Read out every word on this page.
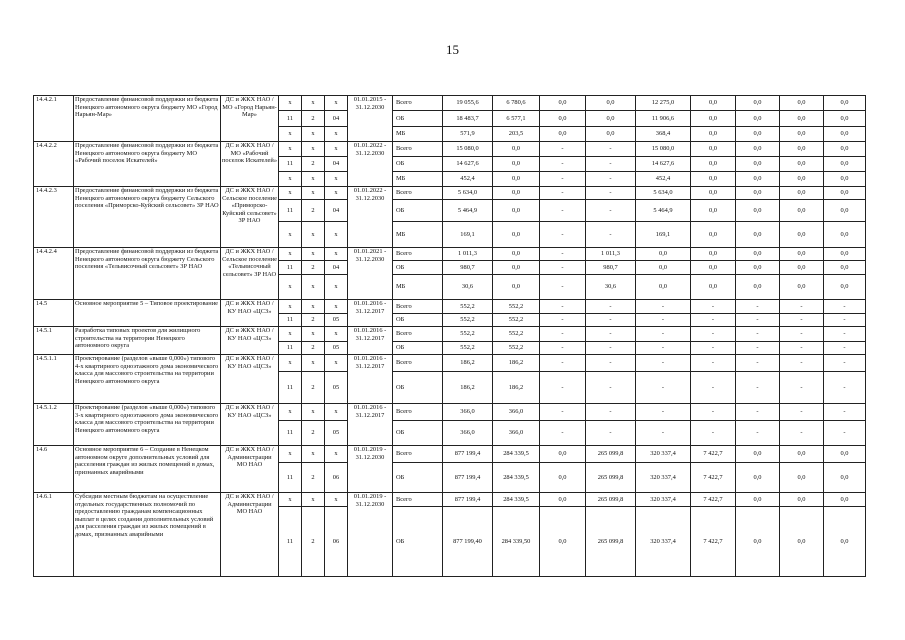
15
14.4.2.1	Предоставление финансовой поддержки из бюджета Ненецкого автономного округа бюджету МО «Город Нарьян-Мар»	ДС и ЖКХ НАО / МО «Город Нарьян-Мар»	x	x	x	01.01.2015 - 31.12.2030	Всего	19 055,6	6 780,6	0,0	0,0	12 275,0	0,0	0,0	0,0	0,0
			11	2	04		ОБ	18 483,7	6 577,1	0,0	0,0	11 906,6	0,0	0,0	0,0	0,0
			x	x	x		МБ	571,9	203,5	0,0	0,0	368,4	0,0	0,0	0,0	0,0
14.4.2.2	Предоставление финансовой поддержки из бюджета Ненецкого автономного округа бюджету МО «Рабочий поселок Искателей»	ДС и ЖКХ НАО / МО «Рабочий поселок Искателей»	x	x	x	01.01.2022 - 31.12.2030	Всего	15 080,0	0,0	-	-	15 080,0	0,0	0,0	0,0	0,0
			11	2	04		ОБ	14 627,6	0,0	-	-	14 627,6	0,0	0,0	0,0	0,0
			x	x	x		МБ	452,4	0,0	-	-	452,4	0,0	0,0	0,0	0,0
14.4.2.3	Предоставление финансовой поддержки из бюджета Ненецкого автономного округа бюджету Сельского поселения «Приморско-Куйский сельсовет» ЗР НАО	ДС и ЖКХ НАО /Сельское поселение «Приморско-Куйский сельсовет» ЗР НАО	x	x	x	01.01.2022 - 31.12.2030	Всего	5 634,0	0,0	-	-	5 634,0	0,0	0,0	0,0	0,0
			11	2	04		ОБ	5 464,9	0,0	-	-	5 464,9	0,0	0,0	0,0	0,0
			x	x	x		МБ	169,1	0,0	-	-	169,1	0,0	0,0	0,0	0,0
14.4.2.4	Предоставление финансовой поддержки из бюджета Ненецкого автономного округа бюджету Сельского поселения «Тельвисочный сельсовет» ЗР НАО	ДС и ЖКХ НАО /Сельское поселение «Тельвисочный сельсовет» ЗР НАО	x	x	x	01.01.2021 - 31.12.2030	Всего	1 011,3	0,0	-	1 011,3	0,0	0,0	0,0	0,0	0,0
			11	2	04		ОБ	980,7	0,0	-	980,7	0,0	0,0	0,0	0,0	0,0
			x	x	x		МБ	30,6	0,0	-	30,6	0,0	0,0	0,0	0,0	0,0
14.5	Основное мероприятие 5 – Типовое проектирование	ДС и ЖКХ НАО / КУ НАО «ЦСЗ»	x	x	x	01.01.2016 - 31.12.2017	Всего	552,2	552,2	-	-	-	-	-	-	-
			11	2	05		ОБ	552,2	552,2	-	-	-	-	-	-	-
14.5.1	Разработка типовых проектов для жилищного строительства на территории Ненецкого автономного округа	ДС и ЖКХ НАО / КУ НАО «ЦСЗ»	x	x	x	01.01.2016 - 31.12.2017	Всего	552,2	552,2	-	-	-	-	-	-	-
			11	2	05		ОБ	552,2	552,2	-	-	-	-	-	-	-
14.5.1.1	Проектирование (разделов «выше 0,000») типового 4-х квартирного одноэтажного дома экономического класса для массового строительства на территории Ненецкого автономного округа	ДС и ЖКХ НАО / КУ НАО «ЦСЗ»	x	x	x	01.01.2016 - 31.12.2017	Всего	186,2	186,2	-	-	-	-	-	-	-
			11	2	05		ОБ	186,2	186,2	-	-	-	-	-	-	-
14.5.1.2	Проектирование (разделов «выше 0,000») типового 3-х квартирного одноэтажного дома экономического класса для массового строительства на территории Ненецкого автономного округа	ДС и ЖКХ НАО / КУ НАО «ЦСЗ»	x	x	x	01.01.2016 - 31.12.2017	Всего	366,0	366,0	-	-	-	-	-	-	-
			11	2	05		ОБ	366,0	366,0	-	-	-	-	-	-	-
14.6	Основное мероприятие 6 – Создание в Ненецком автономном округе дополнительных условий для расселения граждан из жилых помещений в домах, признанных аварийными	ДС и ЖКХ НАО / Администрации МО НАО	x	x	x	01.01.2019 - 31.12.2030	Всего	877 199,4	284 339,5	0,0	265 099,8	320 337,4	7 422,7	0,0	0,0	0,0
			11	2	06		ОБ	877 199,4	284 339,5	0,0	265 099,8	320 337,4	7 422,7	0,0	0,0	0,0
14.6.1	Субсидии местным бюджетам на осуществление отдельных государственных полномочий по предоставлению гражданам компенсационных выплат в целях создания дополнительных условий для расселения граждан из жилых помещений в домах, признанных аварийными	ДС и ЖКХ НАО / Администрации МО НАО	x	x	x	01.01.2019 - 31.12.2030	Всего	877 199,4	284 339,5	0,0	265 099,8	320 337,4	7 422,7	0,0	0,0	0,0
			11	2	06		ОБ	877 199,40	284 339,50	0,0	265 099,8	320 337,4	7 422,7	0,0	0,0	0,0
